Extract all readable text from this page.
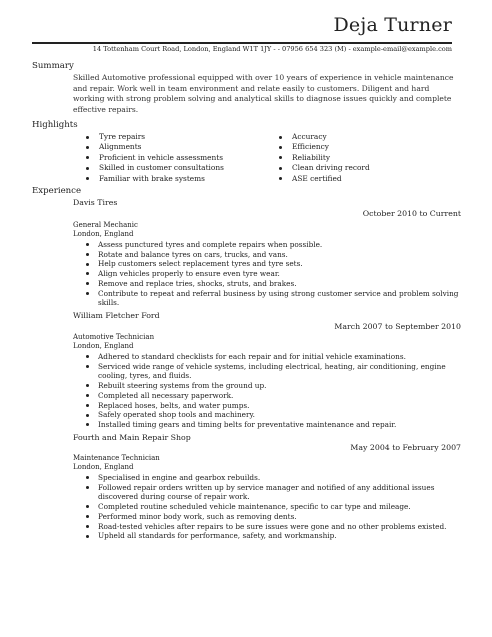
Deja Turner
14 Tottenham Court Road, London, England W1T 1JY - - 07956 654 323 (M) - example-email@example.com
Summary
Skilled Automotive professional equipped with over 10 years of experience in vehicle maintenance and repair. Work well in team environment and relate easily to customers. Diligent and hard working with strong problem solving and analytical skills to diagnose issues quickly and complete effective repairs.
Highlights
Tyre repairs
Alignments
Proficient in vehicle assessments
Skilled in customer consultations
Familiar with brake systems
Accuracy
Efficiency
Reliability
Clean driving record
ASE certified
Experience
Davis Tires
October 2010 to Current
General Mechanic
London, England
Assess punctured tyres and complete repairs when possible.
Rotate and balance tyres on cars, trucks, and vans.
Help customers select replacement tyres and tyre sets.
Align vehicles properly to ensure even tyre wear.
Remove and replace tries, shocks, struts, and brakes.
Contribute to repeat and referral business by using strong customer service and problem solving skills.
William Fletcher Ford
March 2007 to September 2010
Automotive Technician
London, England
Adhered to standard checklists for each repair and for initial vehicle examinations.
Serviced wide range of vehicle systems, including electrical, heating, air conditioning, engine cooling, tyres, and fluids.
Rebuilt steering systems from the ground up.
Completed all necessary paperwork.
Replaced hoses, belts, and water pumps.
Safely operated shop tools and machinery.
Installed timing gears and timing belts for preventative maintenance and repair.
Fourth and Main Repair Shop
May 2004 to February 2007
Maintenance Technician
London, England
Specialised in engine and gearbox rebuilds.
Followed repair orders written up by service manager and notified of any additional issues discovered during course of repair work.
Completed routine scheduled vehicle maintenance, specific to car type and mileage.
Performed minor body work, such as removing dents.
Road-tested vehicles after repairs to be sure issues were gone and no other problems existed.
Upheld all standards for performance, safety, and workmanship.
